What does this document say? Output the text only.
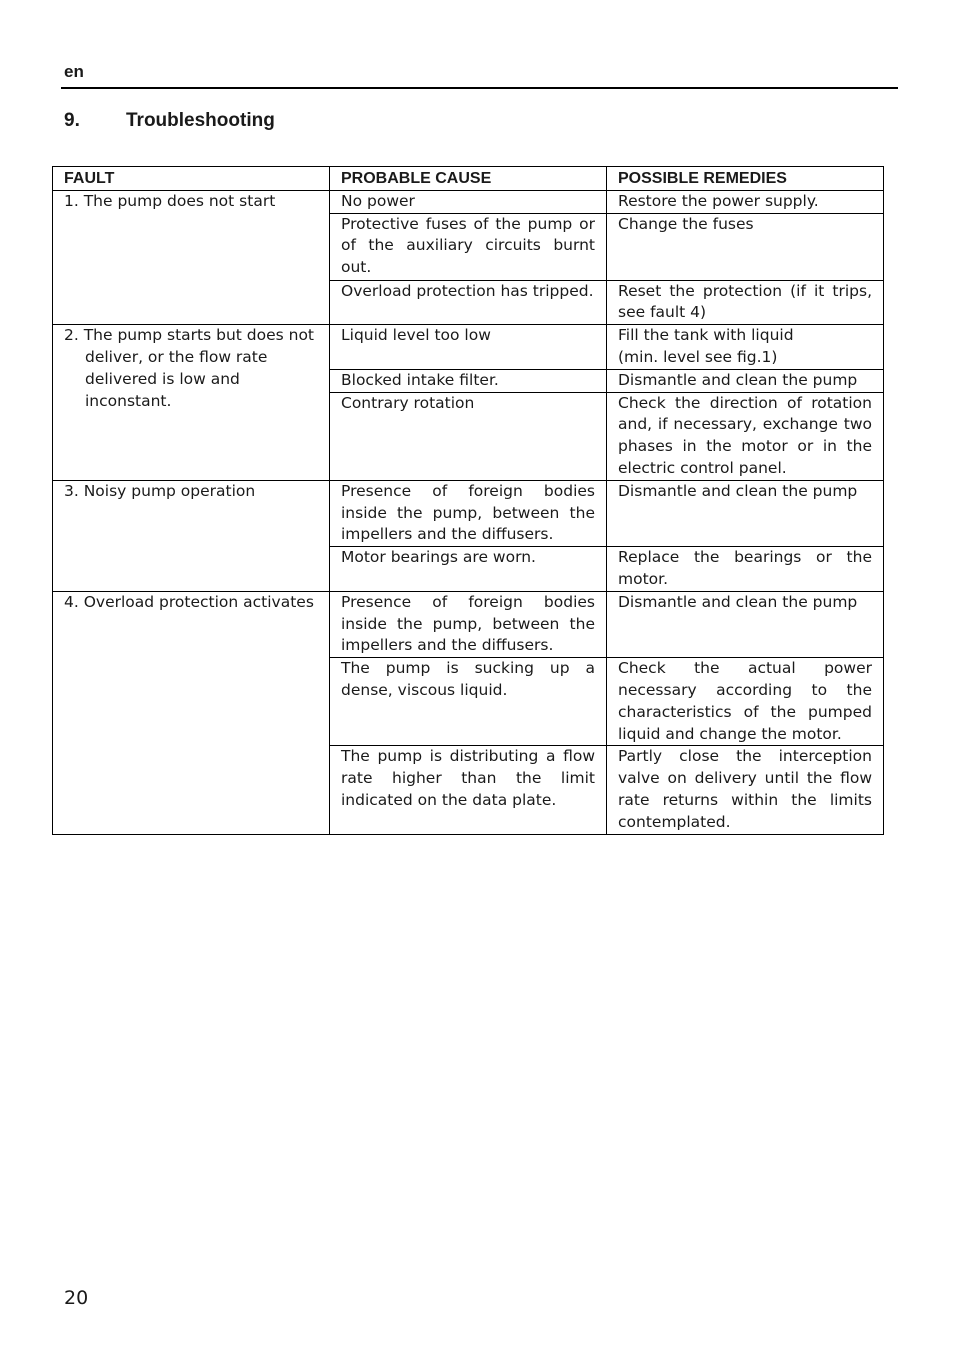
en
9. Troubleshooting
FAULT	PROBABLE CAUSE	POSSIBLE REMEDIES
1. The pump does not start	No power	Restore the power supply.
	Protective fuses of the pump or of the auxiliary circuits burnt out.	Change the fuses
	Overload protection has tripped.	Reset the protection (if it trips, see fault 4)
2. The pump starts but does not deliver, or the flow rate delivered is low and inconstant.	Liquid level too low	Fill the tank with liquid
(min. level see fig.1)
	Blocked intake filter.	Dismantle and clean the pump
	Contrary rotation	Check the direction of rotation and, if necessary, exchange two phases in the motor or in the electric control panel.
3. Noisy pump operation	Presence of foreign bodies inside the pump, between the impellers and the diffusers.	Dismantle and clean the pump
	Motor bearings are worn.	Replace the bearings or the motor.
4. Overload protection activates	Presence of foreign bodies inside the pump, between the impellers and the diffusers.	Dismantle and clean the pump
	The pump is sucking up a dense, viscous liquid.	Check the actual power necessary according to the characteristics of the pumped liquid and change the motor.
	The pump is distributing a flow rate higher than the limit indicated on the data plate.	Partly close the interception valve on delivery until the flow rate returns within the limits contemplated.
20
